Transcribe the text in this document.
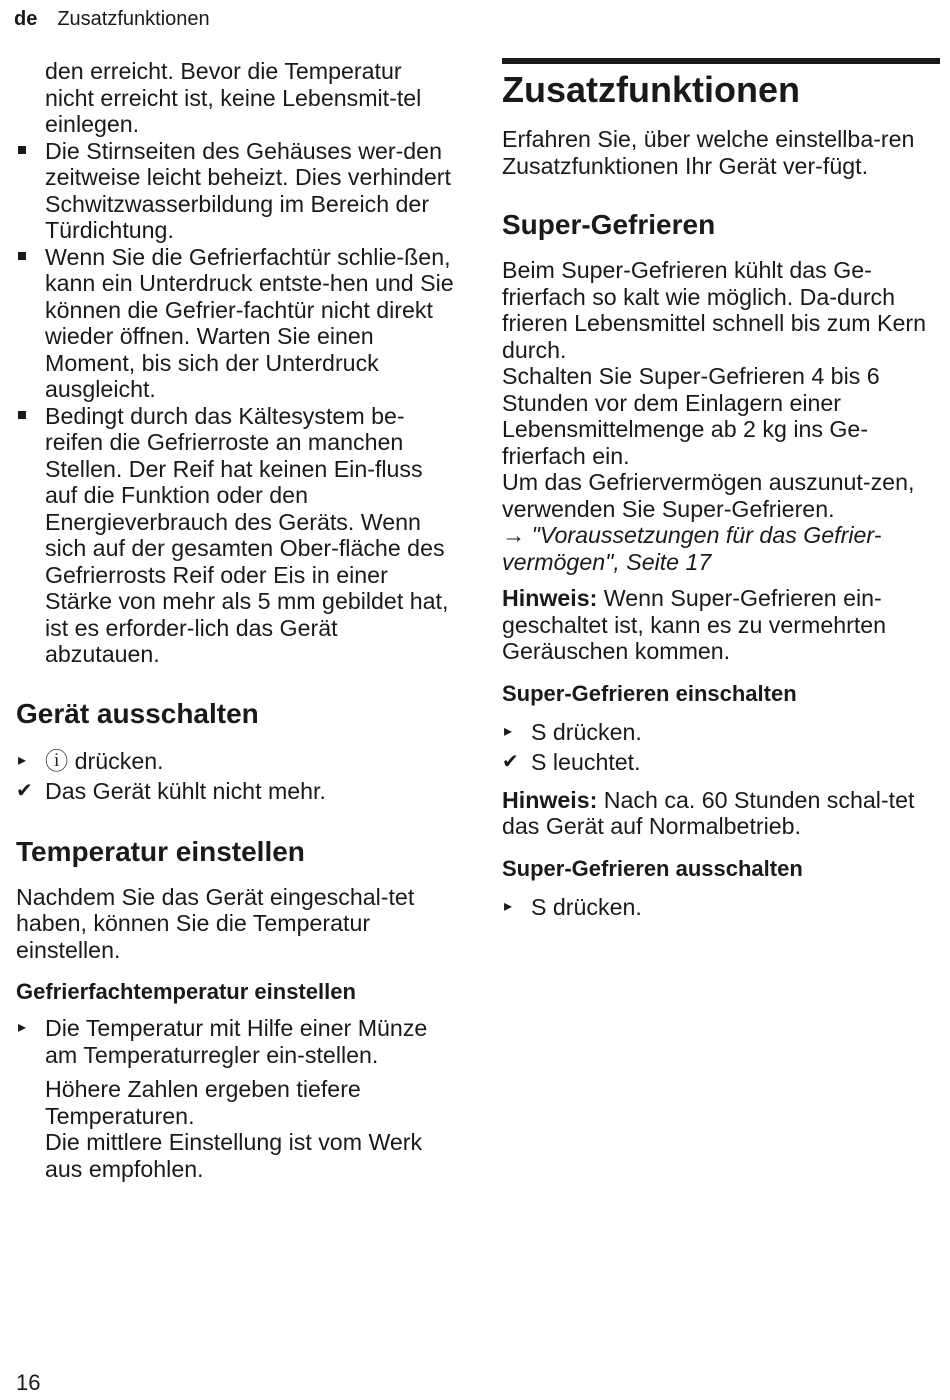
de Zusatzfunktionen

den erreicht. Bevor die Temperatur nicht erreicht ist, keine Lebensmit-tel einlegen.

Die Stirnseiten des Gehäuses wer-den zeitweise leicht beheizt. Dies verhindert Schwitzwasserbildung im Bereich der Türdichtung.
Wenn Sie die Gefrierfachtür schlie-ßen, kann ein Unterdruck entste-hen und Sie können die Gefrier-fachtür nicht direkt wieder öffnen. Warten Sie einen Moment, bis sich der Unterdruck ausgleicht.
Bedingt durch das Kältesystem be-reifen die Gefrierroste an manchen Stellen. Der Reif hat keinen Ein-fluss auf die Funktion oder den Energieverbrauch des Geräts. Wenn sich auf der gesamten Ober-fläche des Gefrierrosts Reif oder Eis in einer Stärke von mehr als 5 mm gebildet hat, ist es erforder-lich das Gerät abzutauen.
Gerät ausschalten
▸ ⓘ drücken.
✔ Das Gerät kühlt nicht mehr.
Temperatur einstellen

Nachdem Sie das Gerät eingeschal-tet haben, können Sie die Temperatur einstellen.

Gefrierfachtemperatur einstellen
▸ Die Temperatur mit Hilfe einer Münze am Temperaturregler ein-stellen.

Höhere Zahlen ergeben tiefere Temperaturen.

Die mittlere Einstellung ist vom Werk aus empfohlen.

Zusatzfunktionen

Erfahren Sie, über welche einstellba-ren Zusatzfunktionen Ihr Gerät ver-fügt.

Super-Gefrieren

Beim Super-Gefrieren kühlt das Ge-frierfach so kalt wie möglich. Da-durch frieren Lebensmittel schnell bis zum Kern durch.

Schalten Sie Super-Gefrieren 4 bis 6 Stunden vor dem Einlagern einer Lebensmittelmenge ab 2 kg ins Ge-frierfach ein.

Um das Gefriervermögen auszunut-zen, verwenden Sie Super-Gefrieren.

→ "Voraussetzungen für das Gefrier-vermögen", Seite 17

Hinweis: Wenn Super-Gefrieren ein-geschaltet ist, kann es zu vermehrten Geräuschen kommen.

Super-Gefrieren einschalten
▸ S drücken.
✔ S leuchtet.

Hinweis: Nach ca. 60 Stunden schal-tet das Gerät auf Normalbetrieb.

Super-Gefrieren ausschalten
▸ S drücken.
16
